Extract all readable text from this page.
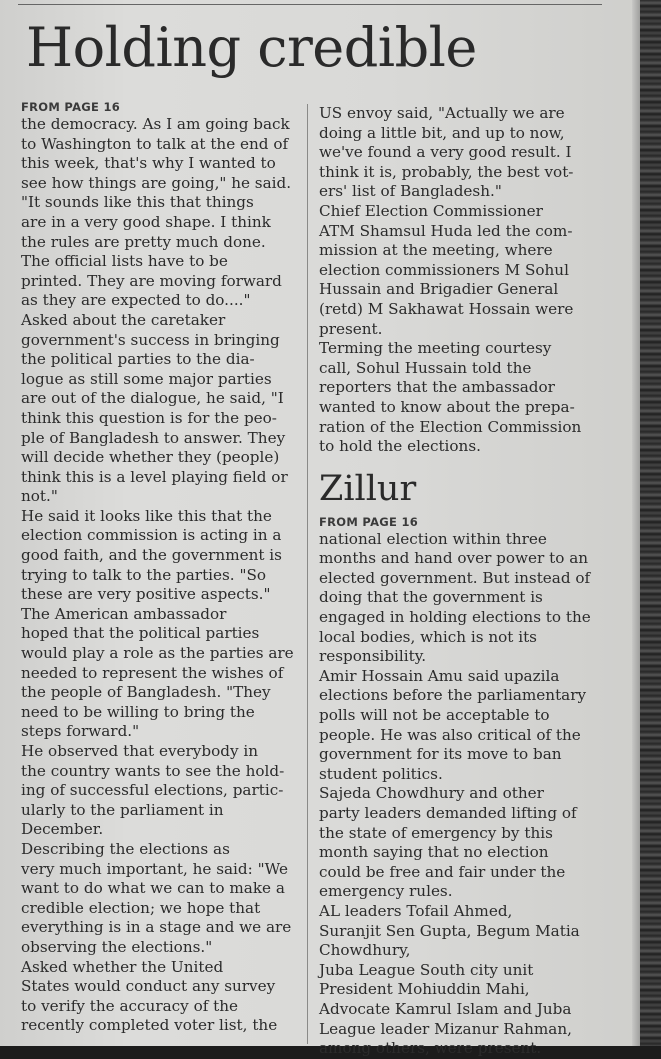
Holding credible
FROM PAGE 16
the democracy. As I am going back
to Washington to talk at the end of
this week, that's why I wanted to
see how things are going," he said.
"It sounds like this that things
are in a very good shape. I think
the rules are pretty much done.
The official lists have to be
printed. They are moving forward
as they are expected to do...."
Asked about the caretaker
government's success in bringing
the political parties to the dia-
logue as still some major parties
are out of the dialogue, he said, "I
think this question is for the peo-
ple of Bangladesh to answer. They
will decide whether they (people)
think this is a level playing field or
not."
He said it looks like this that the
election commission is acting in a
good faith, and the government is
trying to talk to the parties. "So
these are very positive aspects."
The American ambassador
hoped that the political parties
would play a role as the parties are
needed to represent the wishes of
the people of Bangladesh. "They
need to be willing to bring the
steps forward."
He observed that everybody in
the country wants to see the hold-
ing of successful elections, partic-
ularly to the parliament in
December.
Describing the elections as
very much important, he said: "We
want to do what we can to make a
credible election; we hope that
everything is in a stage and we are
observing the elections."
Asked whether the United
States would conduct any survey
to verify the accuracy of the
recently completed voter list, the
US envoy said, "Actually we are
doing a little bit, and up to now,
we've found a very good result. I
think it is, probably, the best vot-
ers' list of Bangladesh."
Chief Election Commissioner
ATM Shamsul Huda led the com-
mission at the meeting, where
election commissioners M Sohul
Hussain and Brigadier General
(retd) M Sakhawat Hossain were
present.
Terming the meeting courtesy
call, Sohul Hussain told the
reporters that the ambassador
wanted to know about the prepa-
ration of the Election Commission
to hold the elections.
Zillur
FROM PAGE 16
national election within three
months and hand over power to an
elected government. But instead of
doing that the government is
engaged in holding elections to the
local bodies, which is not its
responsibility.
Amir Hossain Amu said upazila
elections before the parliamentary
polls will not be acceptable to
people. He was also critical of the
government for its move to ban
student politics.
Sajeda Chowdhury and other
party leaders demanded lifting of
the state of emergency by this
month saying that no election
could be free and fair under the
emergency rules.
AL leaders Tofail Ahmed,
Suranjit Sen Gupta, Begum Matia
Chowdhury,
Juba League South city unit
President Mohiuddin Mahi,
Advocate Kamrul Islam and Juba
League leader Mizanur Rahman,
among others, were present.
